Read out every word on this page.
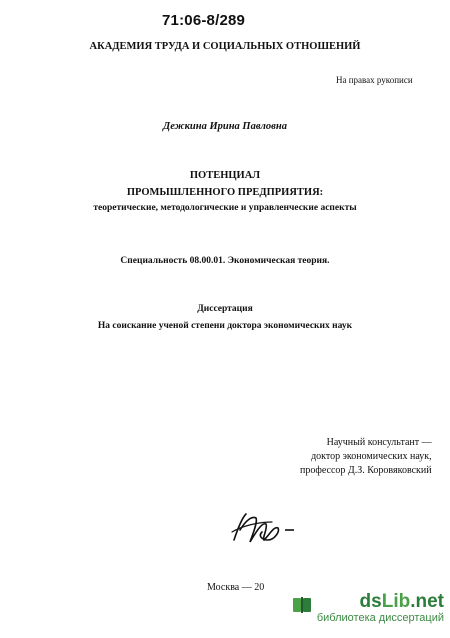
71:06-8/289
АКАДЕМИЯ ТРУДА И СОЦИАЛЬНЫХ ОТНОШЕНИЙ
На правах рукописи
Дежкина Ирина Павловна
ПОТЕНЦИАЛ
ПРОМЫШЛЕННОГО ПРЕДПРИЯТИЯ:
теоретические, методологические и управленческие аспекты
Специальность 08.00.01. Экономическая теория.
Диссертация
На соискание ученой степени доктора экономических наук
Научный консультант —
доктор экономических наук,
профессор Д.З. Коровяковский
Москва — 20
dsLib.net
библиотека диссертаций
